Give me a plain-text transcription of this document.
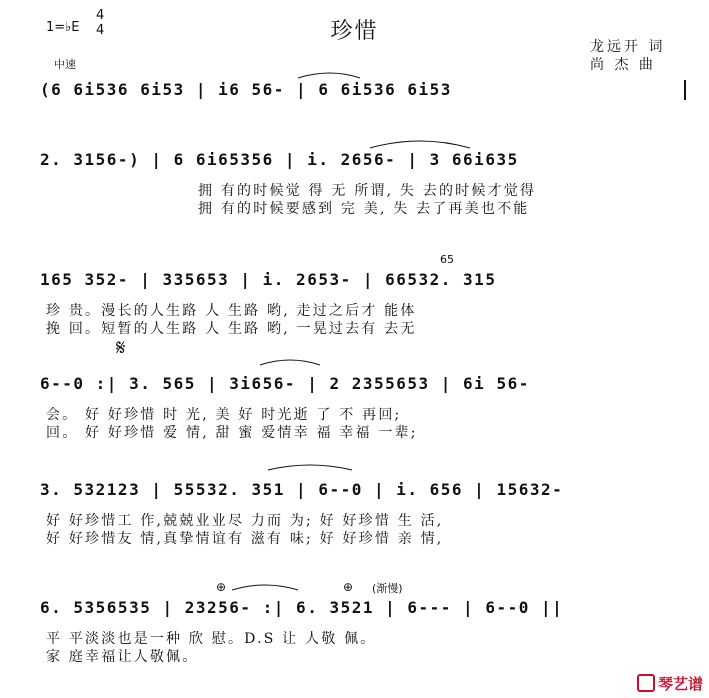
珍惜
1=♭E
4
4
中速
龙远开 词
尚 杰 曲
(6 6i536 6i53 | i6 56- | 6 6i536 6i53
2. 3156-) | 6 6i65356 | i. 2656- | 3 66i635
拥 有的时候觉 得 无 所谓, 失 去的时候才觉得
拥 有的时候要感到 完 美, 失 去了再美也不能
65
165 352- | 335653 | i. 2653- | 66532. 315
珍 贵。漫长的人生路 人 生路 哟, 走过之后才 能体
挽 回。短暂的人生路 人 生路 哟, 一晃过去有 去无
𝄋
6--0 :| 3. 565 | 3i656- | 2 2355653 | 6i 56-
会。 好 好珍惜 时 光, 美 好 时光逝 了 不 再回;
回。 好 好珍惜 爱 情, 甜 蜜 爱情幸 福 幸福 一辈;
3. 532123 | 55532. 351 | 6--0 | i. 656 | 15632-
好 好珍惜工 作,兢兢业业尽 力而 为; 好 好珍惜 生 活,
好 好珍惜友 情,真挚情谊有 滋有 味; 好 好珍惜 亲 情,
⊕	⊕ (渐慢)
6. 5356535 | 23256- :| 6. 3521 | 6--- | 6--0 ||
平 平淡淡也是一种 欣 慰。D.S 让 人敬 佩。
家 庭幸福让人敬佩。
琴艺谱
